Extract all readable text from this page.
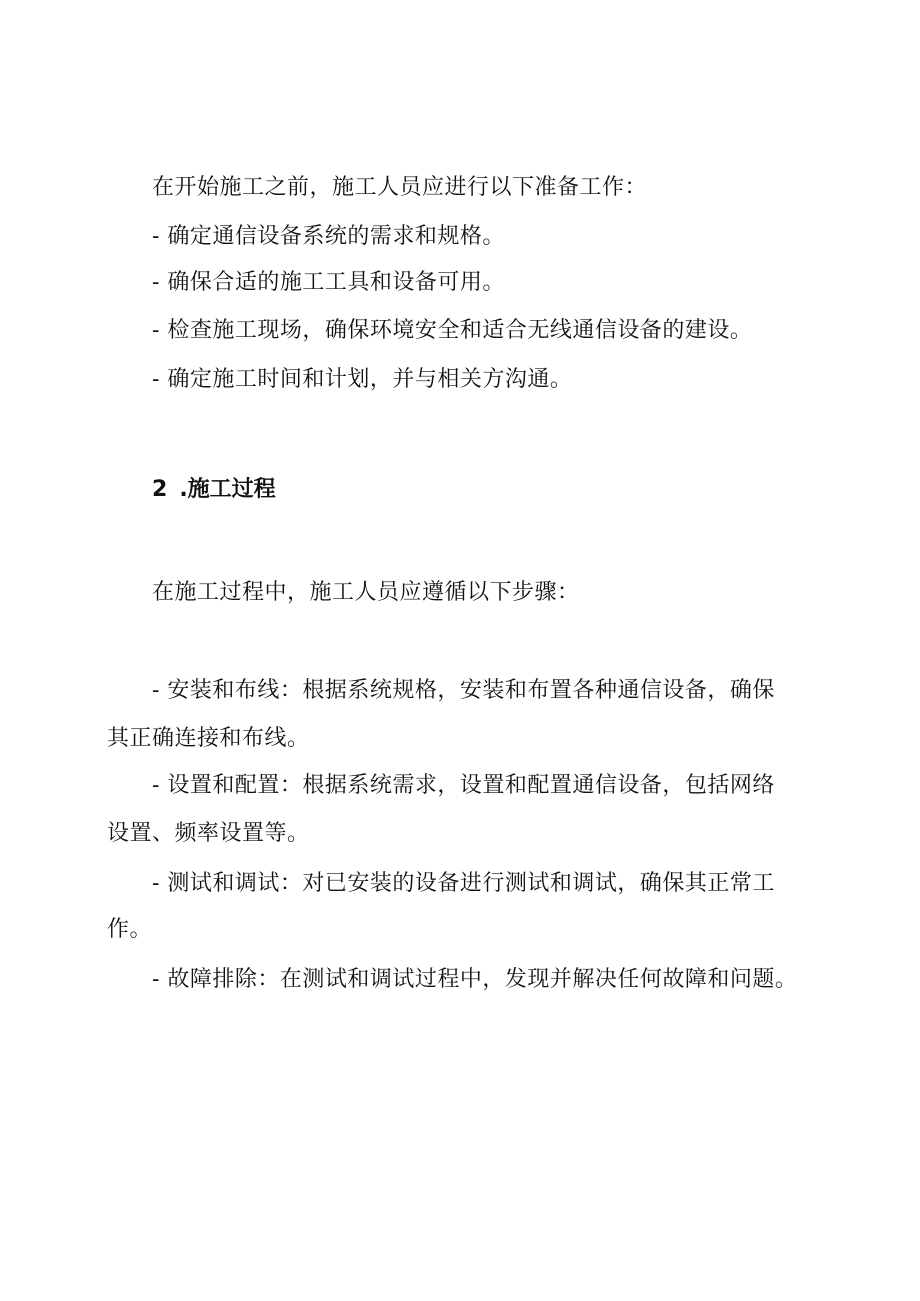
在开始施工之前，施工人员应进行以下准备工作：
- 确定通信设备系统的需求和规格。
- 确保合适的施工工具和设备可用。
- 检查施工现场，确保环境安全和适合无线通信设备的建设。
- 确定施工时间和计划，并与相关方沟通。
2 .施工过程
在施工过程中，施工人员应遵循以下步骤：
- 安装和布线：根据系统规格，安装和布置各种通信设备，确保
其正确连接和布线。
- 设置和配置：根据系统需求，设置和配置通信设备，包括网络
设置、频率设置等。
- 测试和调试：对已安装的设备进行测试和调试，确保其正常工
作。
- 故障排除：在测试和调试过程中，发现并解决任何故障和问题。
